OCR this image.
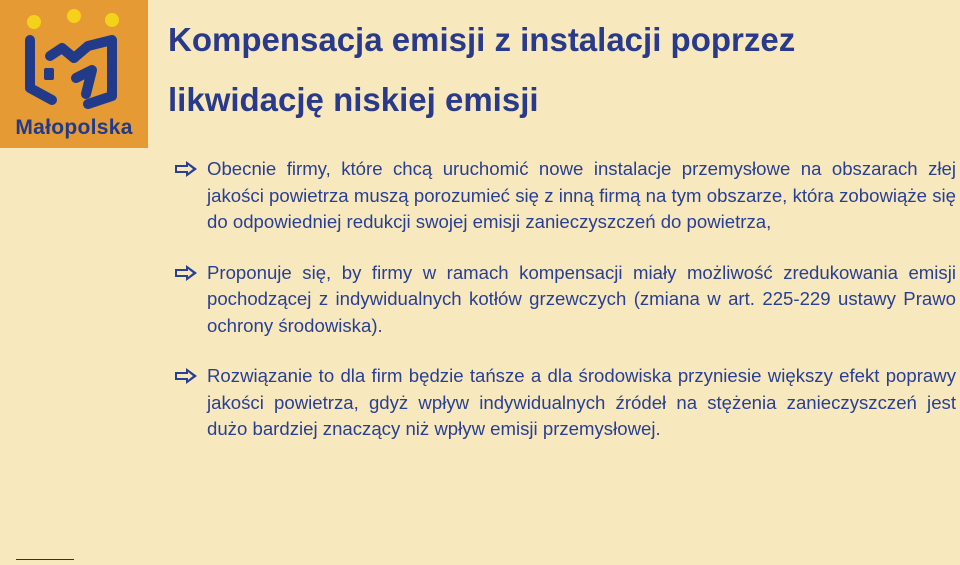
Małopolska
Kompensacja emisji z instalacji poprzez
likwidację niskiej emisji
Obecnie firmy, które chcą uruchomić nowe instalacje przemysłowe na obszarach złej jakości powietrza muszą porozumieć się z inną firmą na tym obszarze, która zobowiąże się do odpowiedniej redukcji swojej emisji zanieczyszczeń do powietrza,
Proponuje się, by firmy w ramach kompensacji miały możliwość zredukowania emisji pochodzącej z indywidualnych kotłów grzewczych (zmiana w art. 225-229 ustawy Prawo ochrony środowiska).
Rozwiązanie to dla firm będzie tańsze a dla środowiska przyniesie większy efekt poprawy jakości powietrza, gdyż wpływ indywidualnych źródeł na stężenia zanieczyszczeń jest dużo bardziej znaczący niż wpływ emisji przemysłowej.
